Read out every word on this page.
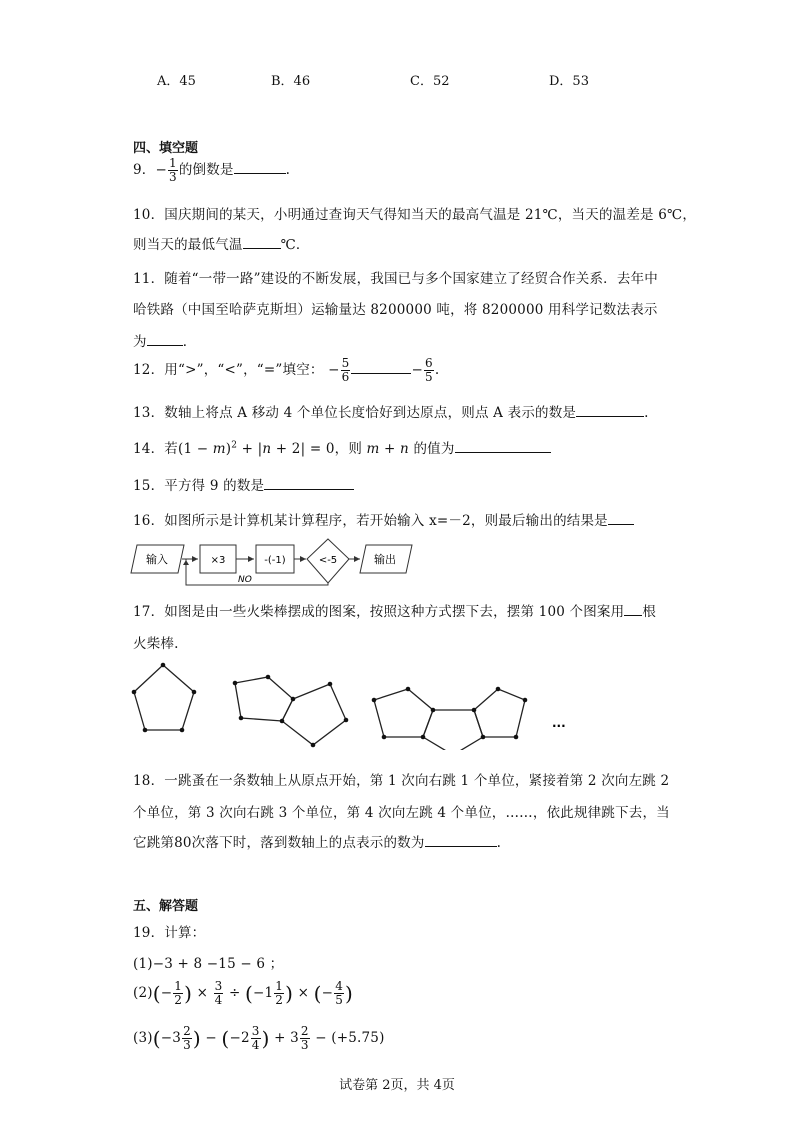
A．45	B．46	C．52	D．53
四、填空题
9．− $\frac{1}{3}$ 的倒数是	.
10．国庆期间的某天，小明通过查询天气得知当天的最高气温是 21℃，当天的温差是 6℃，
则当天的最低气温	℃．
11．随着“一带一路”建设的不断发展，我国已与多个国家建立了经贸合作关系．去年中
哈铁路（中国至哈萨克斯坦）运输量达 8200000 吨，将 8200000 用科学记数法表示
为	．
12．用“>”，“<”，“=”填空： − $\frac{5}{6}$	− $\frac{6}{5}$ .
13．数轴上将点 A 移动 4 个单位长度恰好到达原点，则点 A 表示的数是	.
14．若$(1 - m)^2 + |n + 2| = 0$，则 m + n 的值为
15．平方得 9 的数是
16．如图所示是计算机某计算程序，若开始输入 x=－2，则最后输出的结果是
输入	×3	-(-1)	<-5	输出
NO
17．如图是由一些火柴棒摆成的图案，按照这种方式摆下去，摆第 100 个图案用 根
火柴棒.
...
18．一跳蚤在一条数轴上从原点开始，第 1 次向右跳 1 个单位，紧接着第 2 次向左跳 2
个单位，第 3 次向右跳 3 个单位，第 4 次向左跳 4 个单位，……，依此规律跳下去，当
它跳第80次落下时，落到数轴上的点表示的数为	.
五、解答题
19．计算：
(1)−3 + 8 −15 − 6 ；
$(2)(- \frac{1}{2}$ ) × $\frac{3}{4} \div (-1 \frac{1}{2}$ ) × (− $\frac{4}{5}$ )
$(3)(-3 \frac{2}{3}$ ) − ($-2 \frac{3}{4}$ ) + $3 \frac{2}{3} - (+5.75)$
试卷第 2页，共 4页
